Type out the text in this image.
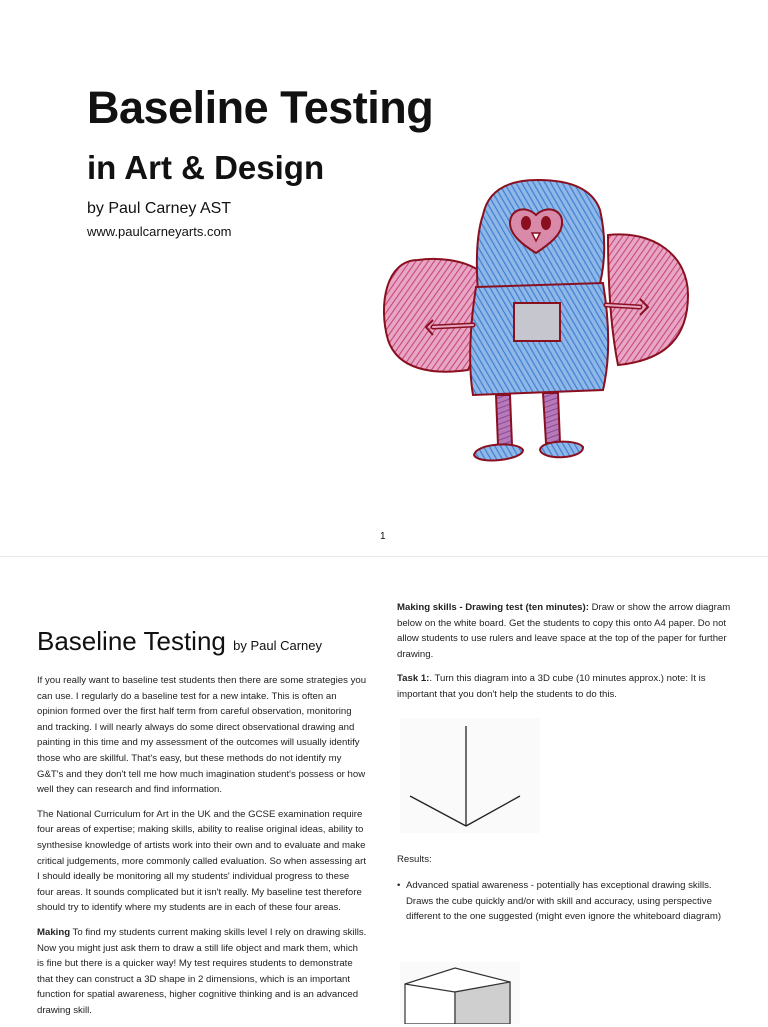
Baseline Testing
in Art & Design
by Paul Carney AST
www.paulcarneyarts.com
1
Baseline Testing by Paul Carney

If you really want to baseline test students then there are some strategies you can use. I regularly do a baseline test for a new intake. This is often an opinion formed over the first half term from careful observation, monitoring and tracking. I will nearly always do some direct observational drawing and painting in this time and my assessment of the outcomes will usually identify those who are skillful. That's easy, but these methods do not identify my G&T's and they don't tell me how much imagination student's possess or how well they can research and find information.

The National Curriculum for Art in the UK and the GCSE examination require four areas of expertise; making skills, ability to realise original ideas, ability to synthesise knowledge of artists work into their own and to evaluate and make critical judgements, more commonly called evaluation. So when assessing art I should ideally be monitoring all my students' individual progress to these four areas. It sounds complicated but it isn't really. My baseline test therefore should try to identify where my students are in each of these four areas.

Making To find my students current making skills level I rely on drawing skills. Now you might just ask them to draw a still life object and mark them, which is fine but there is a quicker way! My test requires students to demonstrate that they can construct a 3D shape in 2 dimensions, which is an important function for spatial awareness, higher cognitive thinking and is an advanced drawing skill.

Making skills - Drawing test (ten minutes): Draw or show the arrow diagram below on the white board. Get the students to copy this onto A4 paper. Do not allow students to use rulers and leave space at the top of the paper for further drawing.

Task 1:. Turn this diagram into a 3D cube (10 minutes approx.) note: It is important that you don't help the students to do this.

Results:
• Advanced spatial awareness - potentially has exceptional drawing skills. Draws the cube quickly and/or with skill and accuracy, using perspective different to the one suggested (might even ignore the whiteboard diagram)
